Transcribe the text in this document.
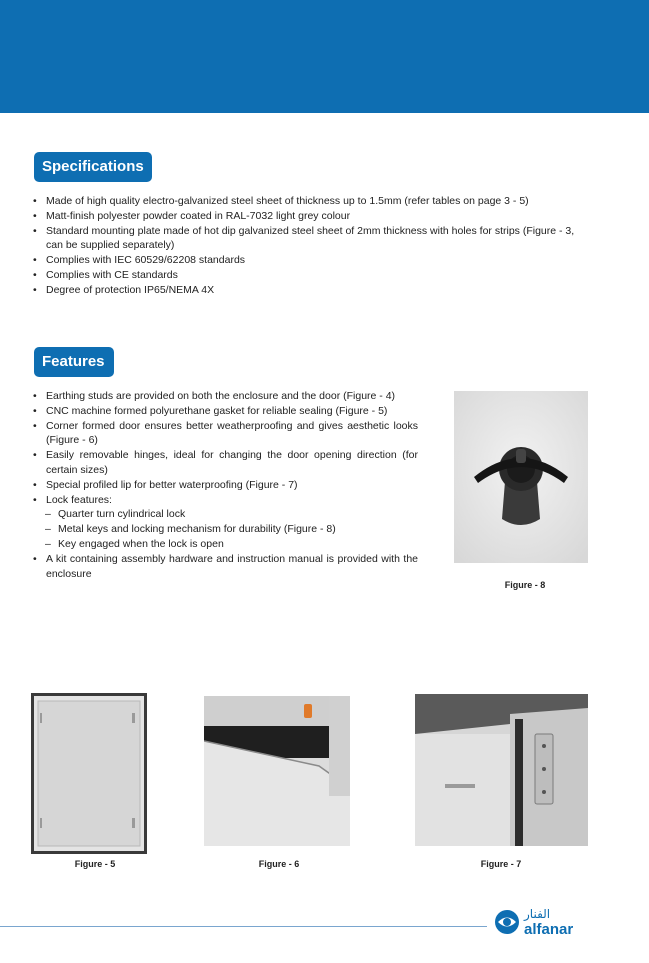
Specifications
• Made of high quality electro-galvanized steel sheet of thickness up to 1.5mm (refer tables on page 3 - 5)
• Matt-finish polyester powder coated in RAL-7032 light grey colour
• Standard mounting plate made of hot dip galvanized steel sheet of 2mm thickness with holes for strips (Figure - 3, can be supplied separately)
• Complies with IEC 60529/62208 standards
• Complies with CE standards
• Degree of protection IP65/NEMA 4X
Features
• Earthing studs are provided on both the enclosure and the door (Figure - 4)
• CNC machine formed polyurethane gasket for reliable sealing (Figure - 5)
• Corner formed door ensures better weatherproofing and gives aesthetic looks (Figure - 6)
• Easily removable hinges, ideal for changing the door opening direction (for certain sizes)
• Special profiled lip for better waterproofing (Figure - 7)
• Lock features:
– Quarter turn cylindrical lock
– Metal keys and locking mechanism for durability (Figure - 8)
– Key engaged when the lock is open
• A kit containing assembly hardware and instruction manual is provided with the enclosure
Figure - 8
Figure - 5	Figure - 6	Figure - 7
الفنار
alfanar
